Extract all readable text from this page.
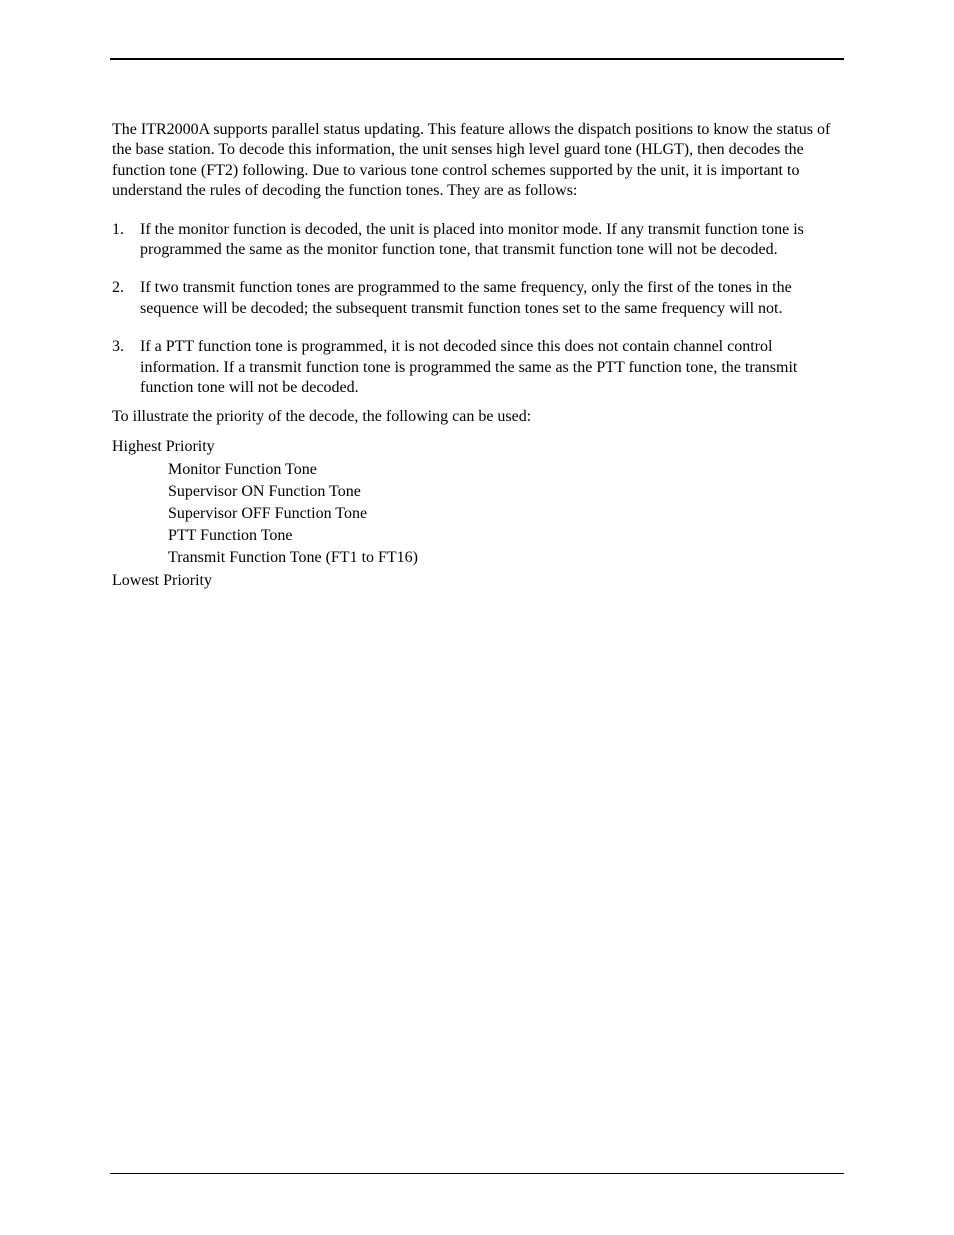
The ITR2000A supports parallel status updating. This feature allows the dispatch positions to know the status of the base station. To decode this information, the unit senses high level guard tone (HLGT), then decodes the function tone (FT2) following. Due to various tone control schemes supported by the unit, it is important to understand the rules of decoding the function tones. They are as follows:

1. If the monitor function is decoded, the unit is placed into monitor mode. If any transmit function tone is programmed the same as the monitor function tone, that transmit function tone will not be decoded.
2. If two transmit function tones are programmed to the same frequency, only the first of the tones in the sequence will be decoded; the subsequent transmit function tones set to the same frequency will not.
3. If a PTT function tone is programmed, it is not decoded since this does not contain channel control information. If a transmit function tone is programmed the same as the PTT function tone, the transmit function tone will not be decoded.

To illustrate the priority of the decode, the following can be used:

Highest Priority

Monitor Function Tone
Supervisor ON Function Tone
Supervisor OFF Function Tone
PTT Function Tone
Transmit Function Tone (FT1 to FT16)

Lowest Priority
